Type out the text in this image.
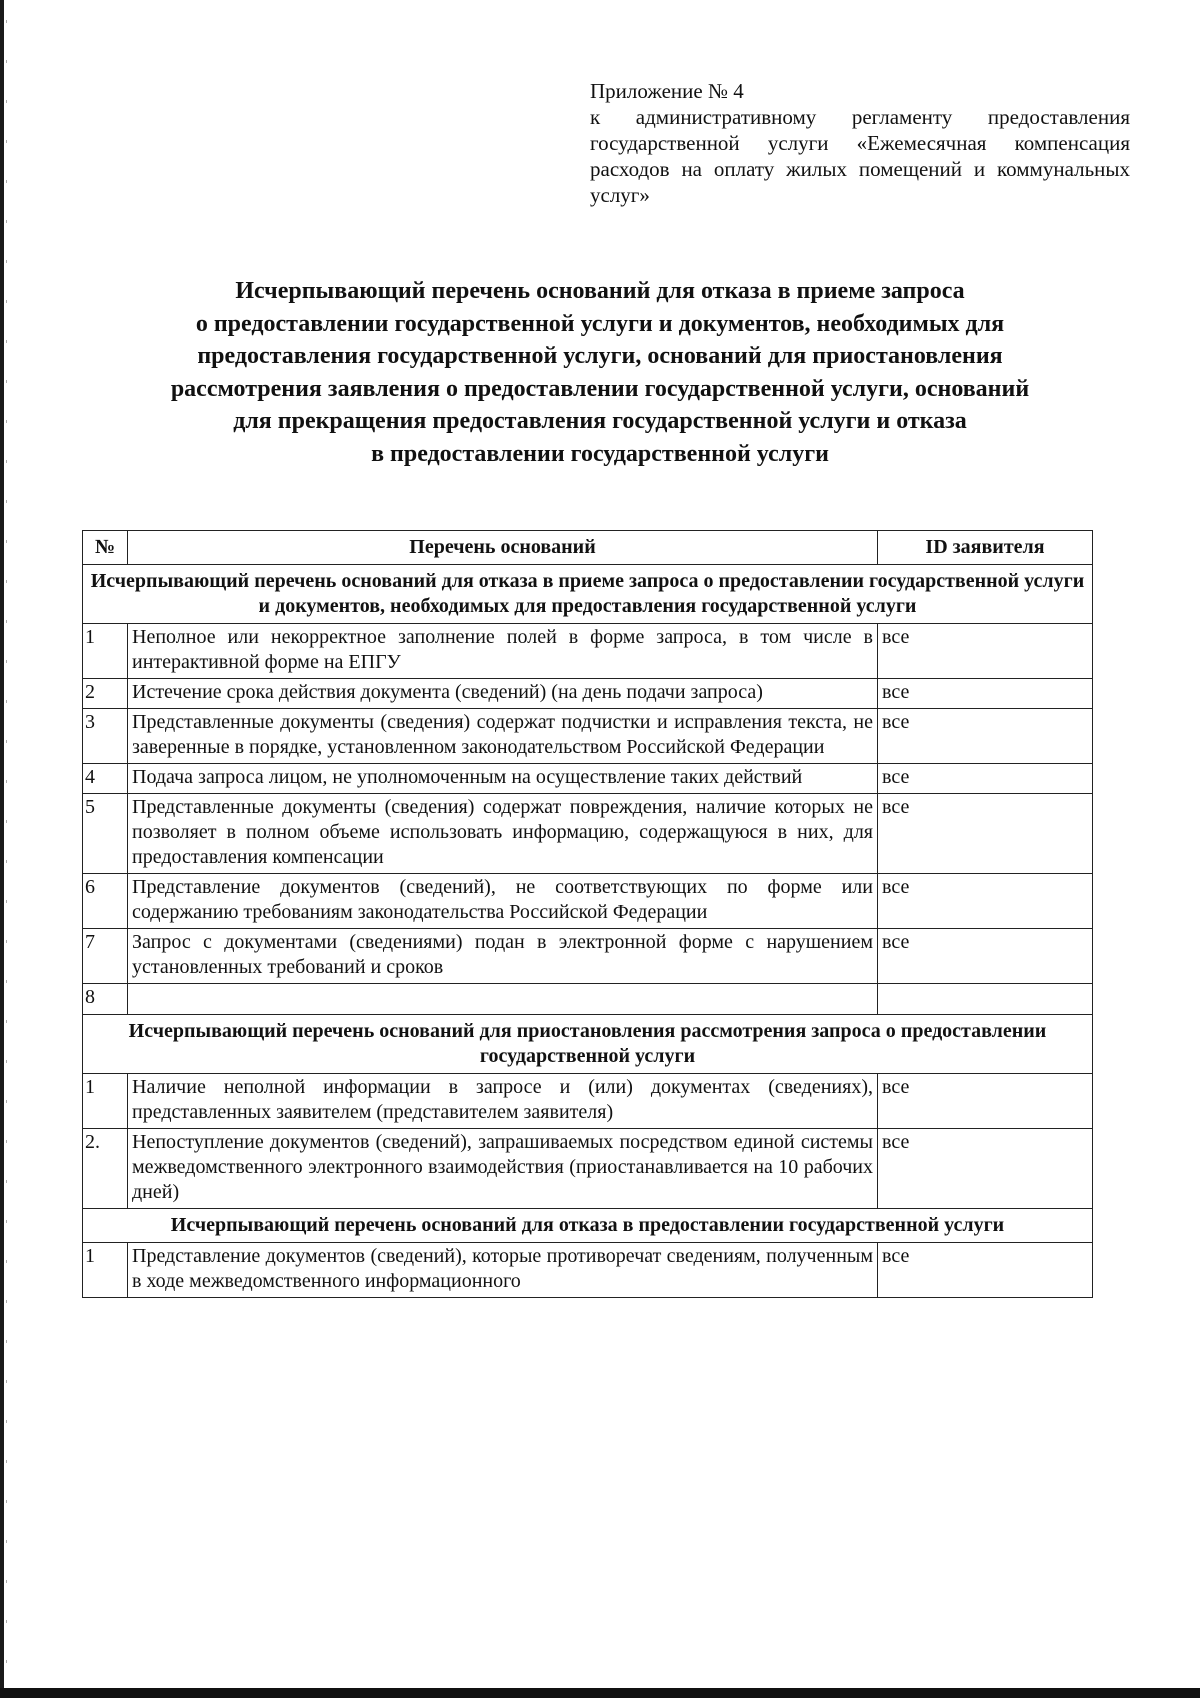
Приложение № 4
к административному регламенту предоставления государственной услуги «Ежемесячная компенсация расходов на оплату жилых помещений и коммунальных услуг»
Исчерпывающий перечень оснований для отказа в приеме запроса
о предоставлении государственной услуги и документов, необходимых для
предоставления государственной услуги, оснований для приостановления
рассмотрения заявления о предоставлении государственной услуги, оснований
для прекращения предоставления государственной услуги и отказа
в предоставлении государственной услуги
№	Перечень оснований	ID заявителя
Исчерпывающий перечень оснований для отказа в приеме запроса о предоставлении государственной услуги и документов, необходимых для предоставления государственной услуги		
1	Неполное или некорректное заполнение полей в форме запроса, в том числе в интерактивной форме на ЕПГУ	все
2	Истечение срока действия документа (сведений) (на день подачи запроса)	все
3	Представленные документы (сведения) содержат подчистки и исправления текста, не заверенные в порядке, установленном законодательством Российской Федерации	все
4	Подача запроса лицом, не уполномоченным на осуществление таких действий	все
5	Представленные документы (сведения) содержат повреждения, наличие которых не позволяет в полном объеме использовать информацию, содержащуюся в них, для предоставления компенсации	все
6	Представление документов (сведений), не соответствующих по форме или содержанию требованиям законодательства Российской Федерации	все
7	Запрос с документами (сведениями) подан в электронной форме с нарушением установленных требований и сроков	все
8		
Исчерпывающий перечень оснований для приостановления рассмотрения запроса о предоставлении государственной услуги		
1	Наличие неполной информации в запросе и (или) документах (сведениях), представленных заявителем (представителем заявителя)	все
2.	Непоступление документов (сведений), запрашиваемых посредством единой системы межведомственного электронного взаимодействия (приостанавливается на 10 рабочих дней)	все
Исчерпывающий перечень оснований для отказа в предоставлении государственной услуги		
1	Представление документов (сведений), которые противоречат сведениям, полученным в ходе межведомственного информационного	все
